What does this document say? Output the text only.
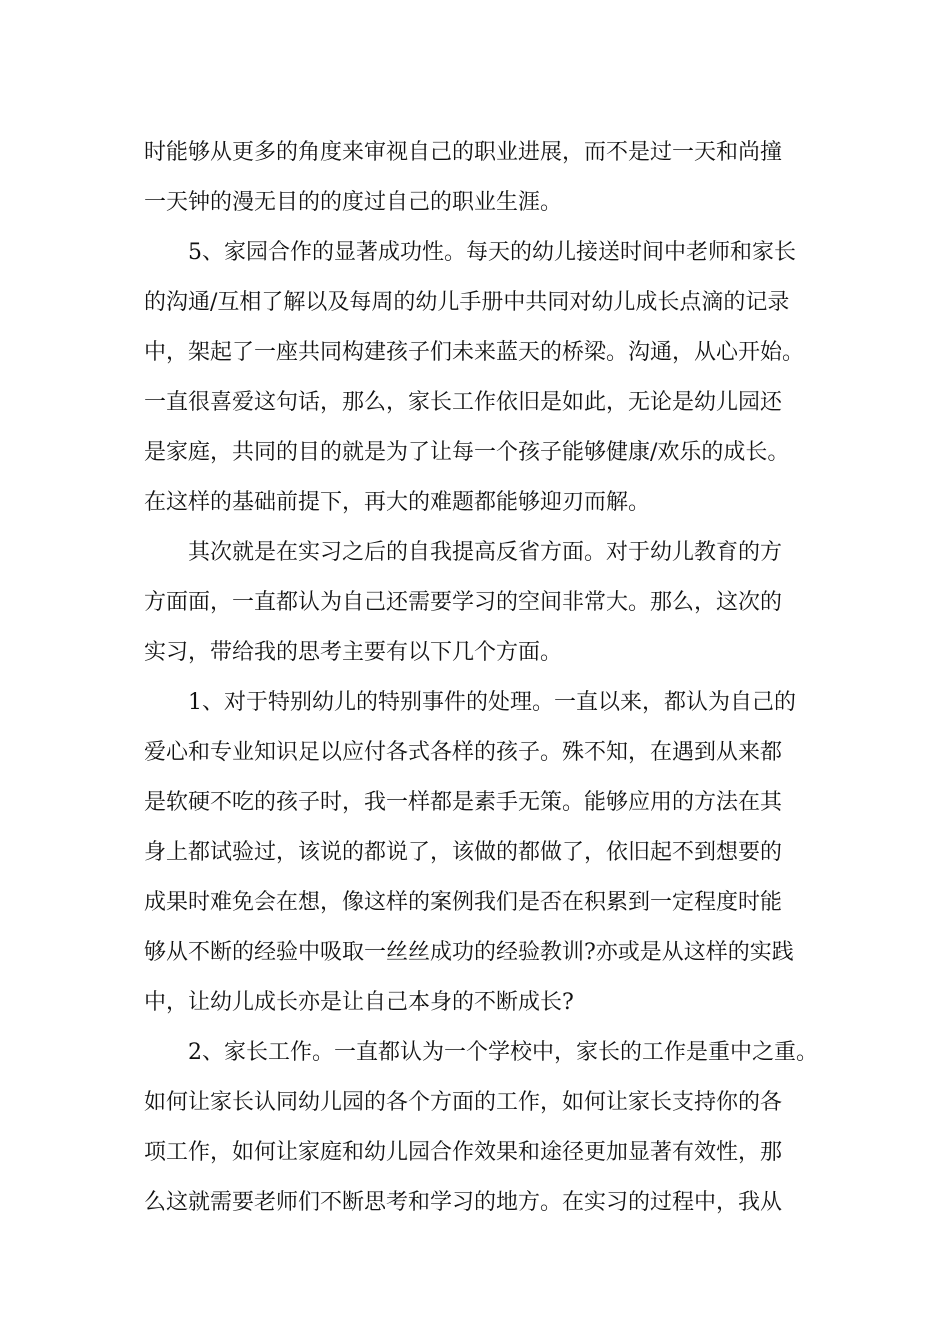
时能够从更多的角度来审视自己的职业进展，而不是过一天和尚撞
一天钟的漫无目的的度过自己的职业生涯。
5、家园合作的显著成功性。每天的幼儿接送时间中老师和家长
的沟通/互相了解以及每周的幼儿手册中共同对幼儿成长点滴的记录
中，架起了一座共同构建孩子们未来蓝天的桥梁。沟通，从心开始。
一直很喜爱这句话，那么，家长工作依旧是如此，无论是幼儿园还
是家庭，共同的目的就是为了让每一个孩子能够健康/欢乐的成长。
在这样的基础前提下，再大的难题都能够迎刃而解。
其次就是在实习之后的自我提高反省方面。对于幼儿教育的方
方面面，一直都认为自己还需要学习的空间非常大。那么，这次的
实习，带给我的思考主要有以下几个方面。
1、对于特别幼儿的特别事件的处理。一直以来，都认为自己的
爱心和专业知识足以应付各式各样的孩子。殊不知，在遇到从来都
是软硬不吃的孩子时，我一样都是素手无策。能够应用的方法在其
身上都试验过，该说的都说了，该做的都做了，依旧起不到想要的
成果时难免会在想，像这样的案例我们是否在积累到一定程度时能
够从不断的经验中吸取一丝丝成功的经验教训?亦或是从这样的实践
中，让幼儿成长亦是让自己本身的不断成长?
2、家长工作。一直都认为一个学校中，家长的工作是重中之重。
如何让家长认同幼儿园的各个方面的工作，如何让家长支持你的各
项工作，如何让家庭和幼儿园合作效果和途径更加显著有效性，那
么这就需要老师们不断思考和学习的地方。在实习的过程中，我从
